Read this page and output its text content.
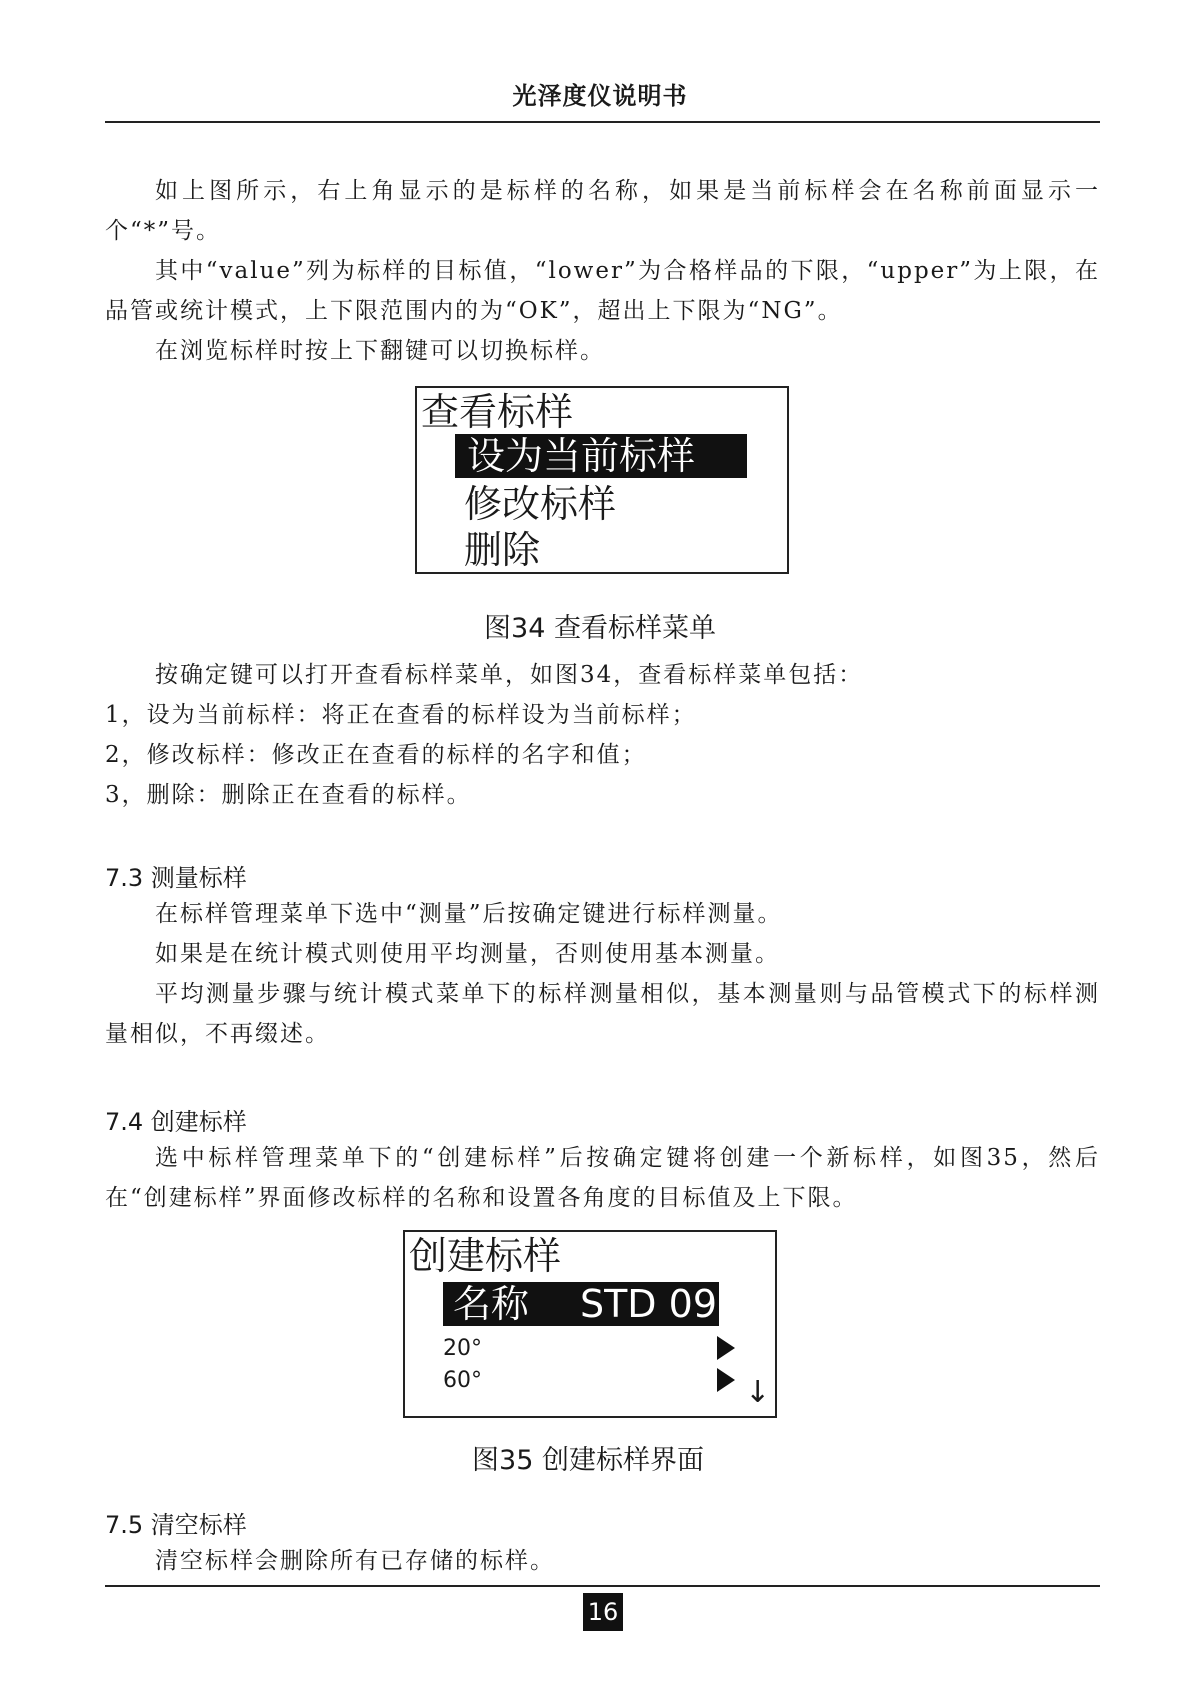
光泽度仪说明书

如上图所示，右上角显示的是标样的名称，如果是当前标样会在名称前面显示一个“*”号。

其中“value”列为标样的目标值，“lower”为合格样品的下限，“upper”为上限，在品管或统计模式，上下限范围内的为“OK”，超出上下限为“NG”。

在浏览标样时按上下翻键可以切换标样。

查看标样
设为当前标样
修改标样
删除

图34 查看标样菜单

按确定键可以打开查看标样菜单，如图34，查看标样菜单包括：

1，设为当前标样：将正在查看的标样设为当前标样；
2，修改标样：修改正在查看的标样的名字和值；
3，删除：删除正在查看的标样。
7.3 测量标样

在标样管理菜单下选中“测量”后按确定键进行标样测量。

如果是在统计模式则使用平均测量，否则使用基本测量。

平均测量步骤与统计模式菜单下的标样测量相似，基本测量则与品管模式下的标样测量相似，不再缀述。

7.4 创建标样

选中标样管理菜单下的“创建标样”后按确定键将创建一个新标样，如图35，然后在“创建标样”界面修改标样的名称和设置各角度的目标值及上下限。

创建标样
名称 STD 09
20°
60°	↓

图35 创建标样界面

7.5 清空标样

清空标样会删除所有已存储的标样。

16
